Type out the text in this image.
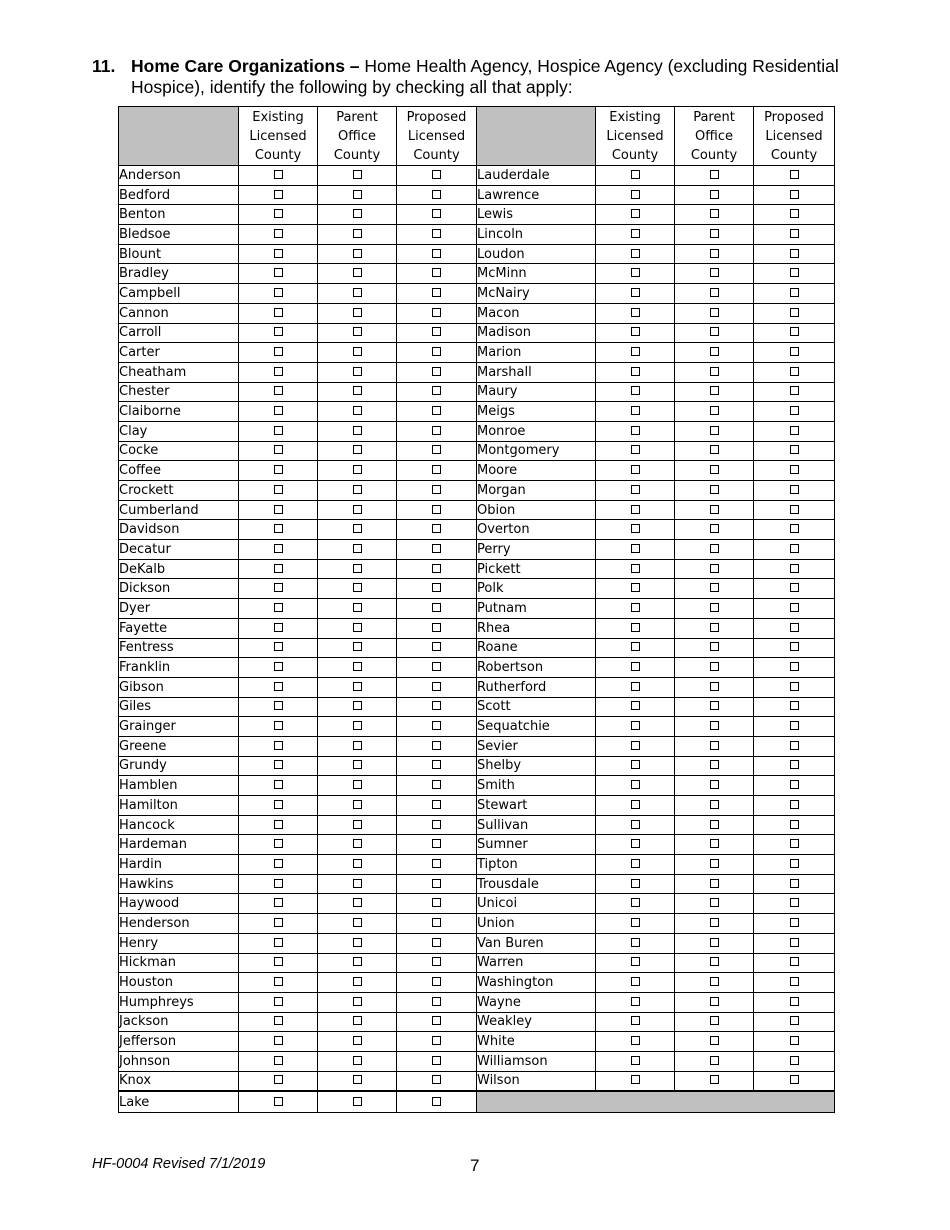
11. Home Care Organizations – Home Health Agency, Hospice Agency (excluding Residential Hospice), identify the following by checking all that apply:
	Existing Licensed County	Parent Office County	Proposed Licensed County		Existing Licensed County	Parent Office County	Proposed Licensed County
Anderson				Lauderdale			
Bedford				Lawrence			
Benton				Lewis			
Bledsoe				Lincoln			
Blount				Loudon			
Bradley				McMinn			
Campbell				McNairy			
Cannon				Macon			
Carroll				Madison			
Carter				Marion			
Cheatham				Marshall			
Chester				Maury			
Claiborne				Meigs			
Clay				Monroe			
Cocke				Montgomery			
Coffee				Moore			
Crockett				Morgan			
Cumberland				Obion			
Davidson				Overton			
Decatur				Perry			
DeKalb				Pickett			
Dickson				Polk			
Dyer				Putnam			
Fayette				Rhea			
Fentress				Roane			
Franklin				Robertson			
Gibson				Rutherford			
Giles				Scott			
Grainger				Sequatchie			
Greene				Sevier			
Grundy				Shelby			
Hamblen				Smith			
Hamilton				Stewart			
Hancock				Sullivan			
Hardeman				Sumner			
Hardin				Tipton			
Hawkins				Trousdale			
Haywood				Unicoi			
Henderson				Union			
Henry				Van Buren			
Hickman				Warren			
Houston				Washington			
Humphreys				Wayne			
Jackson				Weakley			
Jefferson				White			
Johnson				Williamson			
Knox				Wilson			
Lake							
HF-0004 Revised 7/1/2019	7
